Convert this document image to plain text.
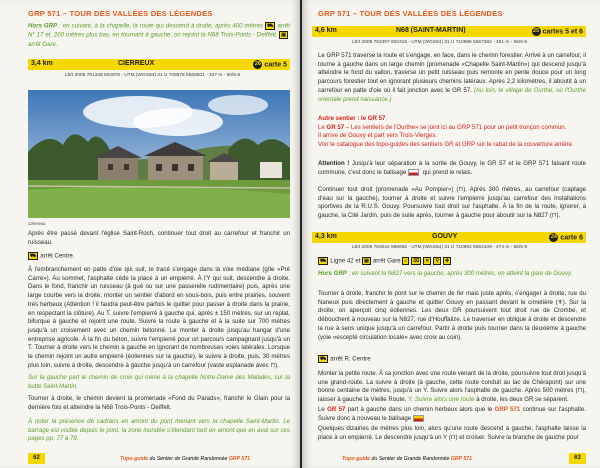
GRP 571 – TOUR DES VALLÉES DES LÉGENDES
Hors GRP : en suivant, à la chapelle, la route qui descend à droite, après 400 mètres ⛟ arrêt N° 17 et, 200 mètres plus bas, en tournant à gauche, on rejoint la N68 Trois-Ponts - Deiffelt. ▣arrêt Gare.
3,4 km	CIERREUX	26 carte 5
Lbrt 2008 761338 604878 - UTM (WGS84) 31 U 708878 5569501 - 437 m - 56/5-6
Cierreux.
Après être passé devant l'église Saint-Roch, continuer tout droit au carrefour et franchir un ruisseau.
⛟ arrêt Centre.
À l'embranchement en patte d'oie qui suit, le tracé s'engage dans la voie médiane (gîte «Pré Carré»). Au sommet, l'asphalte cède la place à un empierré. À l'Y qui suit, descendre à droite. Dans le fond, franchir un ruisseau (à gué ou sur une passerelle rudimentaire) puis, après une large courbe vers la droite, monter un sentier d'abord en sous-bois, puis entre prairies, souvent très herbeux (Attention ! il faudra peut-être parfois le quitter pour passer à droite dans la prairie, en respectant la clôture). Au T, suivre l'empierré à gauche qui, après ± 150 mètres, sur un replat, bifurque à gauche et rejoint une route. Suivre la route à gauche et à la suite sur 700 mètres jusqu'à un croisement avec un chemin bétonné. Le monter à droite jusqu'au hangar d'une entreprise agricole. À la fin du béton, suivre l'empierré pour un parcours campagnard jusqu'à un T. Tourner à droite vers le chemin à gauche en ignorant de nombreuses voies latérales. Lorsque le chemin rejoint un autre empierré (éoliennes sur la gauche), le suivre à droite, puis, 30 mètres plus loin, suivre à droite, descendre à gauche jusqu'à un carrefour (vaste esplanade avec ⊓).
Sur la gauche part le chemin de croix qui mène à la chapelle Notre-Dame des Malades, sur la butte Saint-Martin.
Tourner à droite, le chemin devient la promenade «Fond du Parads», franchir le Glain pour la dernière fois et atteindre la N68 Trois-Ponts - Deiffelt.
À noter la présence de cadrans en amont du pont menant vers la chapelle Saint-Martin. Le barrage est visible depuis le pont, la zone inondée s'étendant tant en amont que en aval sur ces pages pp. 77 à 79.
62	Topo-guide du Sentier de Grande Randonnée GRP 571
GRP 571 – TOUR DES VALLÉES DES LÉGENDES
4,6 km	N68 (SAINT-MARTIN)	25 cartes 5 et 6
Lbrt 2008 762497 602318 - UTM (WGS84) 31 U 710996 5567382 - 481 m - 56/5-6
Le GRP 571 traverse la route et s'engage, en face, dans le chemin forestier. Arrivé à un carrefour, il tourne à gauche dans un large chemin (promenade «Chapelle Saint-Martin») qui descend jusqu'à atteindre le fond du vallon, traverse un petit ruisseau puis remonte en pente douce pour un long parcours forestier tout en ignorant plusieurs chemins latéraux. Après 2,2 kilomètres, il aboutit à un carrefour en patte d'oie où il fait jonction avec le GR 57. (Au loin, le village de Ourthe, où l'Ourthe orientale prend naissance.)
Autre sentier : le GR 57
Le GR 57 – Les sentiers de l'Ourthe» se joint ici au GRP 571 pour un petit tronçon commun.
Il arrive de Gouvy et part vers Trois-Vierges.
Voir le catalogue des topo-guides des sentiers GR et GRP sur le rabat de la couverture arrière.
Attention ! Jusqu'à leur séparation à la sortie de Gouvy, le GR 57 et le GRP 571 faisant route commune, c'est donc le balisage  qui prend le relais.
Continuer tout droit (promenade «Au Pompier») (⊓). Après 300 mètres, au carrefour (captage d'eau sur la gauche), tourner à droite et suivre l'empierré jusqu'au carrefour des installations sportives de la R.U.S. Gouvy. Poursuivre tout droit sur l'asphalte. À la fin de la route, ignorer, à gauche, la Cité Jardin, puis de suite après, tourner à gauche pour aboutir sur la N827 (⊓).
4,3 km	GOUVY	24 carte 6
Lbrt 2008 763044 596655 - UTM (WGS84) 31 U 710992 5564109 - 474 m - 56/5-6
⛟ Ligne 42 et ▣ arrêt Gare ⌂ ⌧ ✕ ⚲ ✚
Hors GRP : en suivant la N827 vers la gauche, après 300 mètres, on atteint la gare de Gouvy.
Tourner à droite, franchir le pont sur le chemin de fer mais juste après, s'engager à droite, rue du Naneux puis directement à gauche et quitter Gouvy en passant devant le cimetière (✝). Sur la droite, on aperçoit cinq éoliennes. Les deux GR poursuivent tout droit rue de Crombe, et débouchent à nouveau sur la N827, rue d'Houffalize. Le traverser en oblique à droite et descendre la rue à sens unique jusqu'à un carrefour. Partir à droite puis tourner dans la deuxième à gauche (voie «escepté circulation locale» avec croix au coin).
⛟ arrêt R. Centre
Monter la petite route. À sa jonction avec une route venant de la droite, poursuivre tout droit jusqu'à une grand-route. La suivre à droite (à gauche, cette route conduit au lac de Chérapont) sur une bonne centaine de mètres, jusqu'à un Y. Suivre alors l'asphalte de gauche. Après 500 mètres (⊓), laisser à gauche la Vieille Route. Y. Suivre alors une route à droite, les deux GR se séparent.
Le GR 57 part à gauche dans un chemin herbeux alors que le GRP 571 continue sur l'asphalte. Suivre donc à nouveau le balisage
Quelques dizaines de mètres plus loin, alors qu'une route descend à gauche, l'asphalte laisse la place à un empierré. Le descendre jusqu'à un Y (⊓) et croiser. Suivre la branche de gauche pour
Topo-guide du Sentier de Grande Randonnée GRP 571	63
